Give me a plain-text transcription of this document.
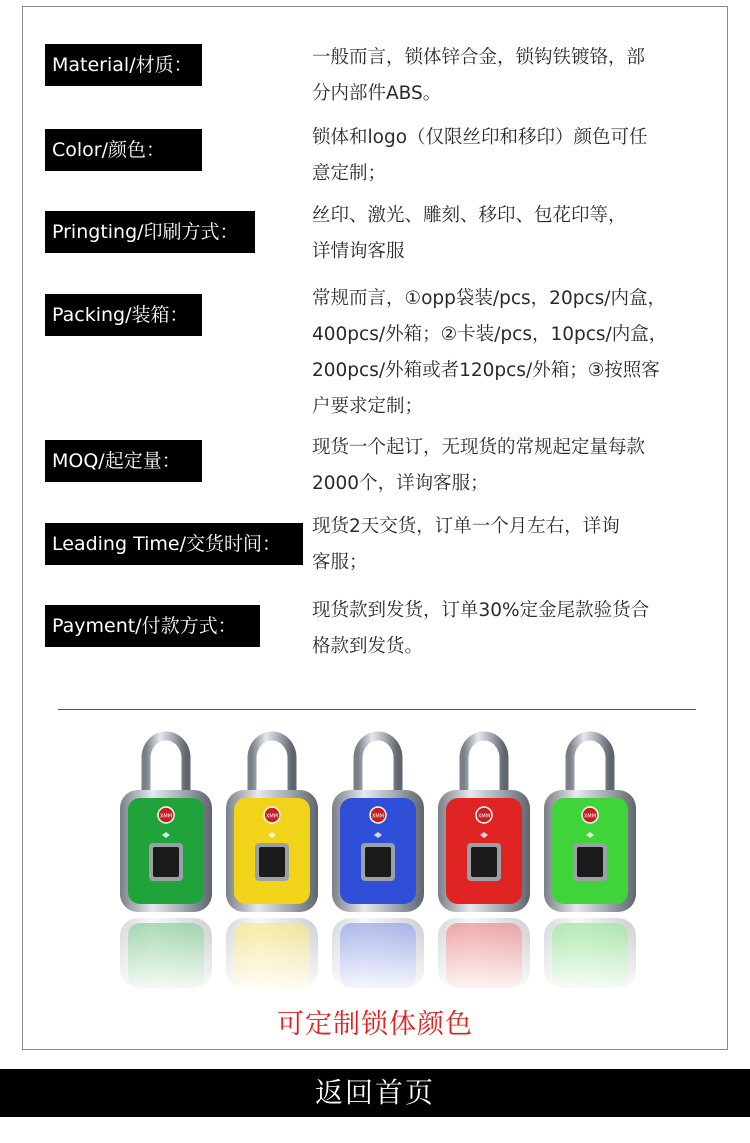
Material/材质：	一般而言，锁体锌合金，锁钩铁镀铬，部

分内部件ABS。

Color/颜色：

锁体和logo（仅限丝印和移印）颜色可任

意定制；

Pringting/印刷方式：

丝印、激光、雕刻、移印、包花印等，

详情询客服

Packing/装箱：

常规而言，①opp袋装/pcs，20pcs/内盒，

400pcs/外箱；②卡装/pcs，10pcs/内盒，

200pcs/外箱或者120pcs/外箱；③按照客

户要求定制；

MOQ/起定量：

现货一个起订，无现货的常规起定量每款

2000个，详询客服；

Leading Time/交货时间：

现货2天交货，订单一个月左右，详询

客服；

Payment/付款方式：

现货款到发货，订单30%定金尾款验货合

格款到发货。

XMM	XMM	XMM	XMM	XMM
可定制锁体颜色
返回首页
